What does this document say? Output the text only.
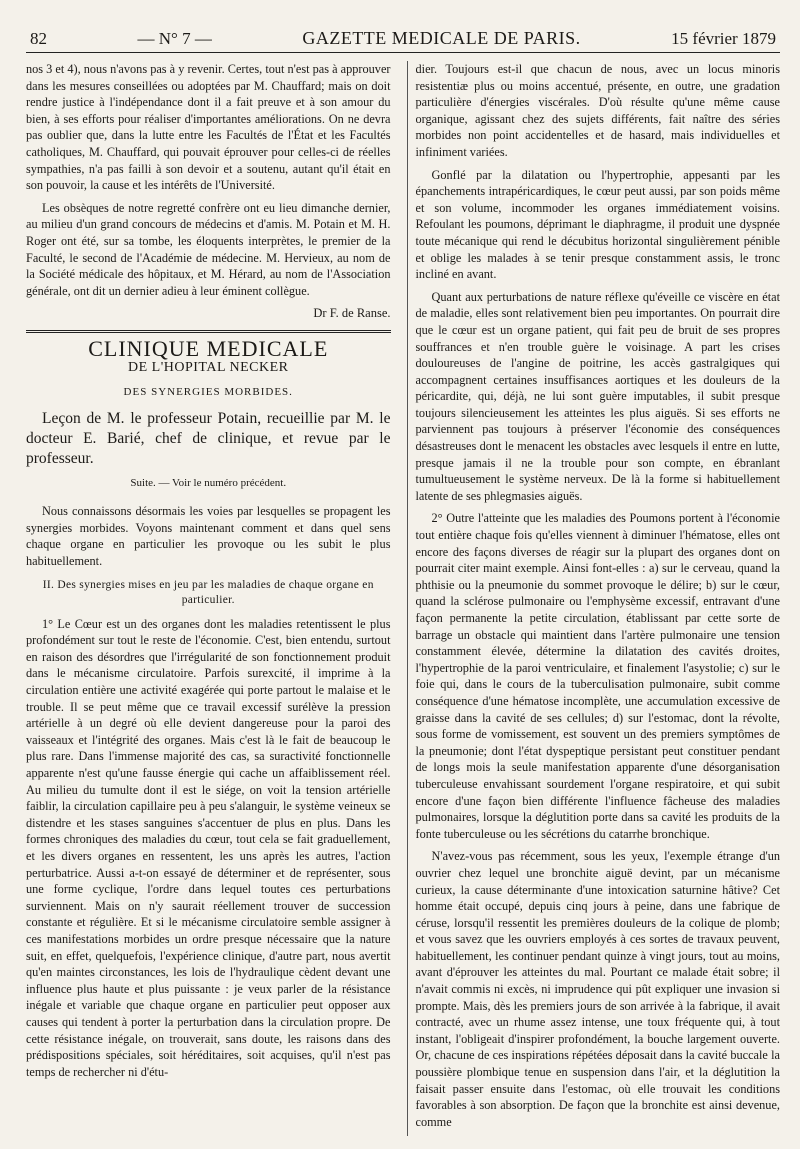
82	— N° 7 —	GAZETTE MEDICALE DE PARIS.	15 février 1879

nos 3 et 4), nous n'avons pas à y revenir. Certes, tout n'est pas à approuver dans les mesures conseillées ou adoptées par M. Chauffard; mais on doit rendre justice à l'indépendance dont il a fait preuve et à son amour du bien, à ses efforts pour réaliser d'importantes améliorations. On ne devra pas oublier que, dans la lutte entre les Facultés de l'État et les Facultés catholiques, M. Chauffard, qui pouvait éprouver pour celles-ci de réelles sympathies, n'a pas failli à son devoir et a soutenu, autant qu'il était en son pouvoir, la cause et les intérêts de l'Université.

Les obsèques de notre regretté confrère ont eu lieu dimanche dernier, au milieu d'un grand concours de médecins et d'amis. M. Potain et M. H. Roger ont été, sur sa tombe, les éloquents interprètes, le premier de la Faculté, le second de l'Académie de médecine. M. Hervieux, au nom de la Société médicale des hôpitaux, et M. Hérard, au nom de l'Association générale, ont dit un dernier adieu à leur éminent collègue.

Dr F. de Ranse.
CLINIQUE MEDICALE
DE L'HOPITAL NECKER
DES SYNERGIES MORBIDES.

Leçon de M. le professeur Potain, recueillie par M. le docteur E. Barié, chef de clinique, et revue par le professeur.

Suite. — Voir le numéro précédent.

Nous connaissons désormais les voies par lesquelles se propagent les synergies morbides. Voyons maintenant comment et dans quel sens chaque organe en particulier les provoque ou les subit le plus habituellement.

II. Des synergies mises en jeu par les maladies de chaque organe en particulier.

1° Le Cœur est un des organes dont les maladies retentissent le plus profondément sur tout le reste de l'économie. C'est, bien entendu, surtout en raison des désordres que l'irrégularité de son fonctionnement produit dans le mécanisme circulatoire. Parfois surexcité, il imprime à la circulation entière une activité exagérée qui porte partout le malaise et le trouble. Il se peut même que ce travail excessif surélève la pression artérielle à un degré où elle devient dangereuse pour la paroi des vaisseaux et l'intégrité des organes. Mais c'est là le fait de beaucoup le plus rare. Dans l'immense majorité des cas, sa suractivité fonctionnelle apparente n'est qu'une fausse énergie qui cache un affaiblissement réel. Au milieu du tumulte dont il est le siége, on voit la tension artérielle faiblir, la circulation capillaire peu à peu s'alanguir, le système veineux se distendre et les stases sanguines s'accentuer de plus en plus. Dans les formes chroniques des maladies du cœur, tout cela se fait graduellement, et les divers organes en ressentent, les uns après les autres, l'action perturbatrice. Aussi a-t-on essayé de déterminer et de représenter, sous une forme cyclique, l'ordre dans lequel toutes ces perturbations surviennent. Mais on n'y saurait réellement trouver de succession constante et régulière. Et si le mécanisme circulatoire semble assigner à ces manifestations morbides un ordre presque nécessaire que la nature suit, en effet, quelquefois, l'expérience clinique, d'autre part, nous avertit qu'en maintes circonstances, les lois de l'hydraulique cèdent devant une influence plus haute et plus puissante : je veux parler de la résistance inégale et variable que chaque organe en particulier peut opposer aux causes qui tendent à porter la perturbation dans la circulation propre. De cette résistance inégale, on trouverait, sans doute, les raisons dans des prédispositions spéciales, soit héréditaires, soit acquises, qu'il n'est pas temps de rechercher ni d'étu-

dier. Toujours est-il que chacun de nous, avec un locus minoris resistentiæ plus ou moins accentué, présente, en outre, une gradation particulière d'énergies viscérales. D'où résulte qu'une même cause organique, agissant chez des sujets différents, fait naître des séries morbides non point accidentelles et de hasard, mais individuelles et infiniment variées.

Gonflé par la dilatation ou l'hypertrophie, appesanti par les épanchements intrapéricardiques, le cœur peut aussi, par son poids même et son volume, incommoder les organes immédiatement voisins. Refoulant les poumons, déprimant le diaphragme, il produit une dyspnée toute mécanique qui rend le décubitus horizontal singulièrement pénible et oblige les malades à se tenir presque constamment assis, le tronc incliné en avant.

Quant aux perturbations de nature réflexe qu'éveille ce viscère en état de maladie, elles sont relativement bien peu importantes. On pourrait dire que le cœur est un organe patient, qui fait peu de bruit de ses propres souffrances et n'en trouble guère le voisinage. A part les crises douloureuses de l'angine de poitrine, les accès gastralgiques qui accompagnent certaines insuffisances aortiques et les douleurs de la péricardite, qui, déjà, ne lui sont guère imputables, il subit presque toujours silencieusement les atteintes les plus aiguës. Si ses efforts ne parviennent pas toujours à préserver l'économie des conséquences désastreuses dont le menacent les obstacles avec lesquels il entre en lutte, presque jamais il ne la trouble pour son compte, en ébranlant tumultueusement le système nerveux. De là la forme si habituellement latente de ses phlegmasies aiguës.

2° Outre l'atteinte que les maladies des Poumons portent à l'économie tout entière chaque fois qu'elles viennent à diminuer l'hématose, elles ont encore des façons diverses de réagir sur la plupart des organes dont on pourrait citer maint exemple. Ainsi font-elles : a) sur le cerveau, quand la phthisie ou la pneumonie du sommet provoque le délire; b) sur le cœur, quand la sclérose pulmonaire ou l'emphysème excessif, entravant d'une façon permanente la petite circulation, établissant par cette sorte de barrage un obstacle qui maintient dans l'artère pulmonaire une tension constamment élevée, détermine la dilatation des cavités droites, l'hypertrophie de la paroi ventriculaire, et finalement l'asystolie; c) sur le foie qui, dans le cours de la tuberculisation pulmonaire, subit comme conséquence d'une hématose incomplète, une accumulation excessive de graisse dans la cavité de ses cellules; d) sur l'estomac, dont la révolte, sous forme de vomissement, est souvent un des premiers symptômes de la pneumonie; dont l'état dyspeptique persistant peut constituer pendant de longs mois la seule manifestation apparente d'une désorganisation tuberculeuse envahissant sourdement l'organe respiratoire, et qui subit encore d'une façon bien différente l'influence fâcheuse des maladies pulmonaires, lorsque la déglutition porte dans sa cavité les produits de la fonte tuberculeuse ou les sécrétions du catarrhe bronchique.

N'avez-vous pas récemment, sous les yeux, l'exemple étrange d'un ouvrier chez lequel une bronchite aiguë devint, par un mécanisme curieux, la cause déterminante d'une intoxication saturnine hâtive? Cet homme était occupé, depuis cinq jours à peine, dans une fabrique de céruse, lorsqu'il ressentit les premières douleurs de la colique de plomb; et vous savez que les ouvriers employés à ces sortes de travaux peuvent, habituellement, les continuer pendant quinze à vingt jours, tout au moins, avant d'éprouver les atteintes du mal. Pourtant ce malade était sobre; il n'avait commis ni excès, ni imprudence qui pût expliquer une invasion si prompte. Mais, dès les premiers jours de son arrivée à la fabrique, il avait contracté, avec un rhume assez intense, une toux fréquente qui, à tout instant, l'obligeait d'inspirer profondément, la bouche largement ouverte. Or, chacune de ces inspirations répétées déposait dans la cavité buccale la poussière plombique tenue en suspension dans l'air, et la déglutition la faisait passer ensuite dans l'estomac, où elle trouvait les conditions favorables à son absorption. De façon que la bronchite est ainsi devenue, comme
